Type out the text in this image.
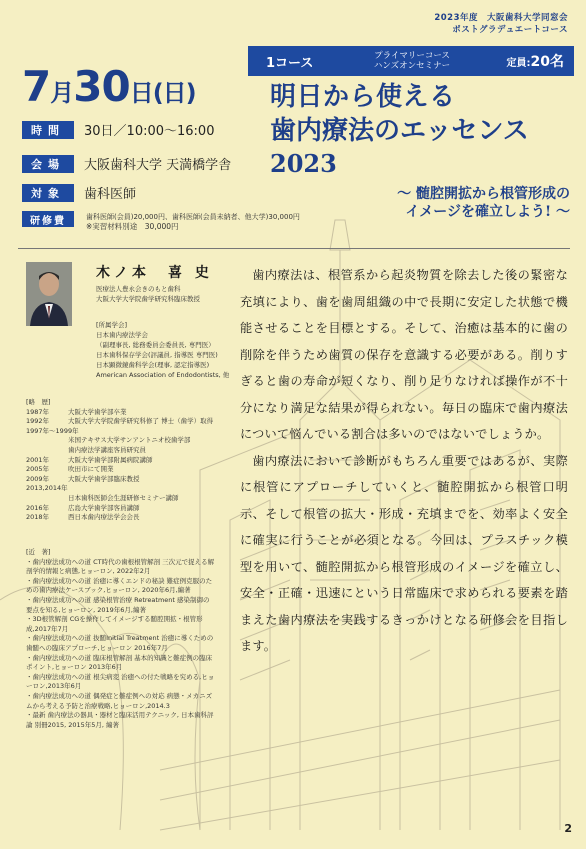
2023年度　大阪歯科大学同窓会
ポストグラデュエートコース
1コース	プライマリーコース
ハンズオンセミナー	定員:20名
7月30日(日)
時間	30日／10:00〜16:00
会場	大阪歯科大学 天満橋学舎
対象	歯科医師
研修費	歯科医師(会員)20,000円、歯科医師(会員未納者、他大学)30,000円
※実習材料別途　30,000円
明日から使える
歯内療法のエッセンス
2023
〜 髄腔開拡から根管形成の
イメージを確立しよう! 〜
木ノ本　喜 史
医療法人豊永会きのもと歯科
大阪大学大学院歯学研究科臨床教授
[所属学会]
日本歯内療法学会
（副理事長, 総務委員会委員長, 専門医）
日本歯科保存学会(評議員, 指導医 専門医)
日本顕微鏡歯科学会(理事, 認定指導医)
American Association of Endodontists, 他
[略　歴]
1987年	大阪大学歯学部卒業
1992年	大阪大学大学院歯学研究科修了 博士（歯学）取得
1997年〜1999年
米国テキサス大学サンアントニオ校歯学部
歯内療法学講座客員研究員
2001年	大阪大学歯学部附属病院講師
2005年	吹田市にて開業
2009年	大阪大学歯学部臨床教授
2013,2014年
日本歯科医師会生涯研修セミナー講師
2016年	広島大学歯学部客員講師
2018年	西日本歯内療法学会会長
[近　著]
・歯内療法成功への道 CT時代の歯根根管解剖 三次元で捉える解剖学的情報と病態,ヒョーロン, 2022年2月
・歯内療法成功への道 治癒に導くエンドの秘訣 難症例克服のための歯内療法ケースブック,ヒョーロン, 2020年6月,編著
・歯内療法成功への道 感染根管治療 Retreatment 感染制御の要点を知る,ヒョーロン, 2019年6月,編著
・3D根管解剖 CGを操作してイメージする髄腔開拡・根管形成,2017年7月
・歯内療法成功への道 抜髄Initial Treatment 治癒に導くための歯髄への臨床アプローチ,ヒョーロン 2016年7月
・歯内療法成功への道 臨床根管解剖 基本的知識と難症例の臨床ポイント,ヒョーロン 2013年6月
・歯内療法成功への道 根尖病変 治癒への付た戦略を究める,ヒョーロン,2013年6月
・歯内療法成功への道 偶発症と難症例への対応 病態・メカニズムから考える予防と治療戦略,ヒョーロン,2014.3
・最新 歯内療法の器具・器材と臨床活用テクニック, 日本歯科評論 別冊2015, 2015年5月, 編著

歯内療法は、根管系から起炎物質を除去した後の緊密な充填により、歯を歯周組織の中で長期に安定した状態で機能させることを目標とする。そして、治癒は基本的に歯の削除を伴うため歯質の保存を意識する必要がある。削りすぎると歯の寿命が短くなり、削り足りなければ操作が不十分になり満足な結果が得られない。毎日の臨床で歯内療法について悩んでいる割合は多いのではないでしょうか。

歯内療法において診断がもちろん重要ではあるが、実際に根管にアプローチしていくと、髄腔開拡から根管口明示、そして根管の拡大・形成・充填までを、効率よく安全に確実に行うことが必須となる。今回は、プラスチック模型を用いて、髄腔開拡から根管形成のイメージを確立し、安全・正確・迅速にという日常臨床で求められる要素を踏まえた歯内療法を実践するきっかけとなる研修会を目指します。

2
